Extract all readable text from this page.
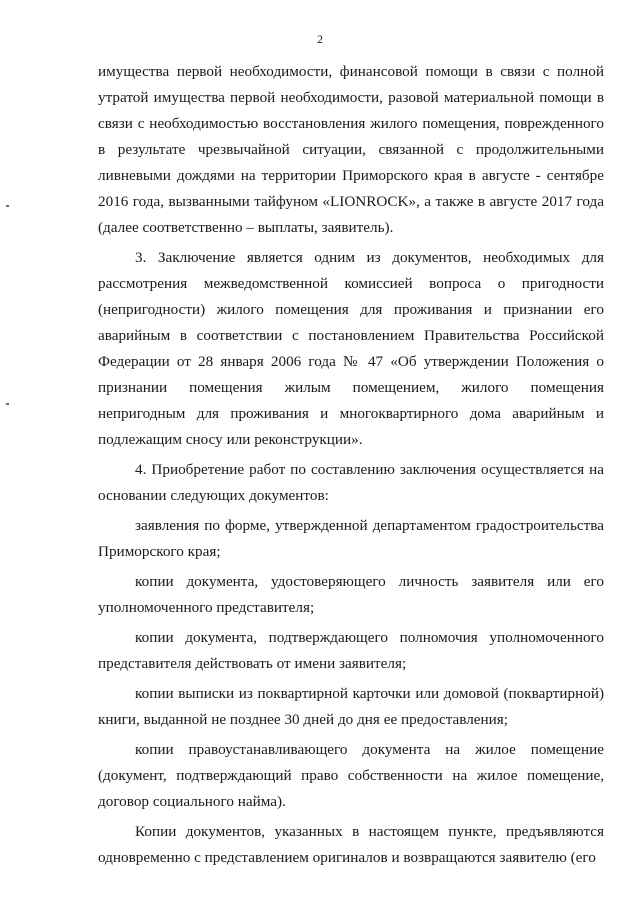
2

имущества первой необходимости, финансовой помощи в связи с полной утратой имущества первой необходимости, разовой материальной помощи в связи с необходимостью восстановления жилого помещения, поврежденного в результате чрезвычайной ситуации, связанной с продолжительными ливневыми дождями на территории Приморского края в августе - сентябре 2016 года, вызванными тайфуном «LIONROCK», а также в августе 2017 года (далее соответственно – выплаты, заявитель).

3. Заключение является одним из документов, необходимых для рассмотрения межведомственной комиссией вопроса о пригодности (непригодности) жилого помещения для проживания и признании его аварийным в соответствии с постановлением Правительства Российской Федерации от 28 января 2006 года № 47 «Об утверждении Положения о признании помещения жилым помещением, жилого помещения непригодным для проживания и многоквартирного дома аварийным и подлежащим сносу или реконструкции».

4. Приобретение работ по составлению заключения осуществляется на основании следующих документов:

заявления по форме, утвержденной департаментом градостроительства Приморского края;

копии документа, удостоверяющего личность заявителя или его уполномоченного представителя;

копии документа, подтверждающего полномочия уполномоченного представителя действовать от имени заявителя;

копии выписки из поквартирной карточки или домовой (поквартирной) книги, выданной не позднее 30 дней до дня ее предоставления;

копии правоустанавливающего документа на жилое помещение (документ, подтверждающий право собственности на жилое помещение, договор социального найма).

Копии документов, указанных в настоящем пункте, предъявляются одновременно с представлением оригиналов и возвращаются заявителю (его
